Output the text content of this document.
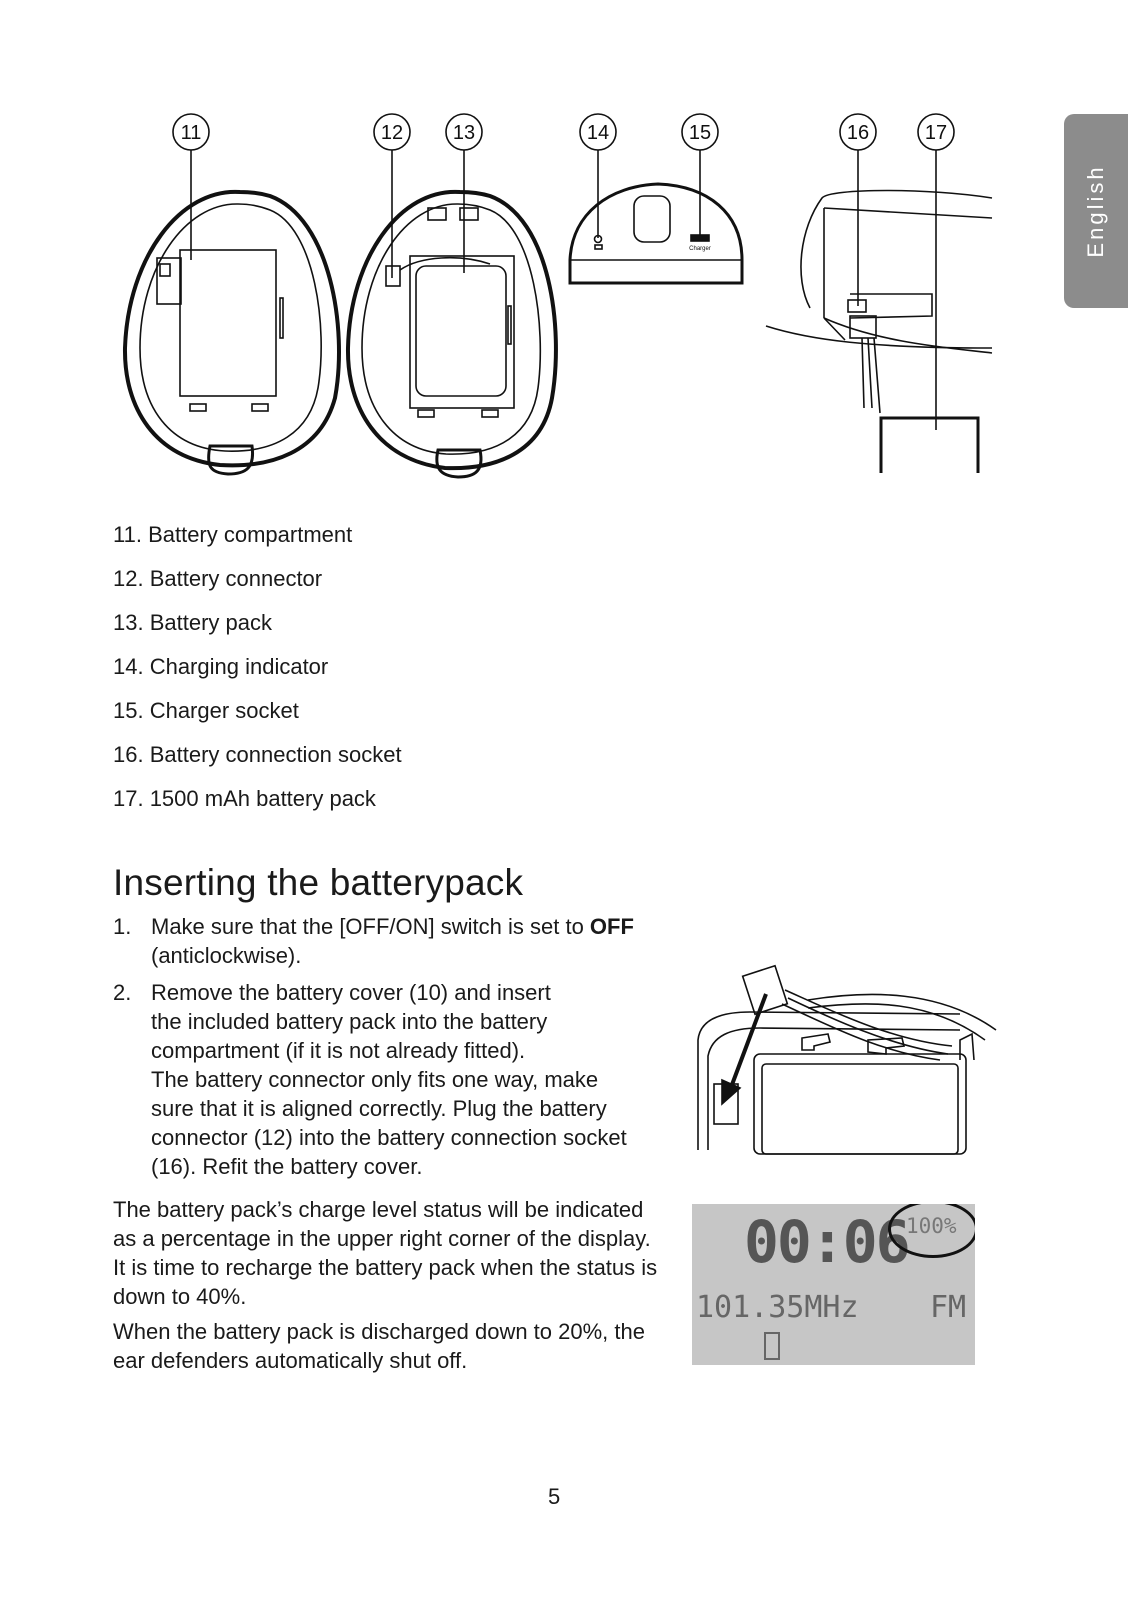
English
11	12 13	14	15	16	17
Charger
11. Battery compartment
12. Battery connector
13. Battery pack
14. Charging indicator
15. Charger socket
16. Battery connection socket
17. 1500 mAh battery pack
Inserting the batterypack
1. Make sure that the [OFF/ON] switch is set to OFF (anticlockwise).
2. Remove the battery cover (10) and insert
the included battery pack into the battery
compartment (if it is not already fitted).
The battery connector only fits one way, make
sure that it is aligned correctly. Plug the battery
connector (12) into the battery connection socket
(16). Refit the battery cover.

The battery pack’s charge level status will be indicated as a percentage in the upper right corner of the display. It is time to recharge the battery pack when the status is down to 40%.

When the battery pack is discharged down to 20%, the ear defenders automatically shut off.

00:06
100%
101.35MHz FM
5
